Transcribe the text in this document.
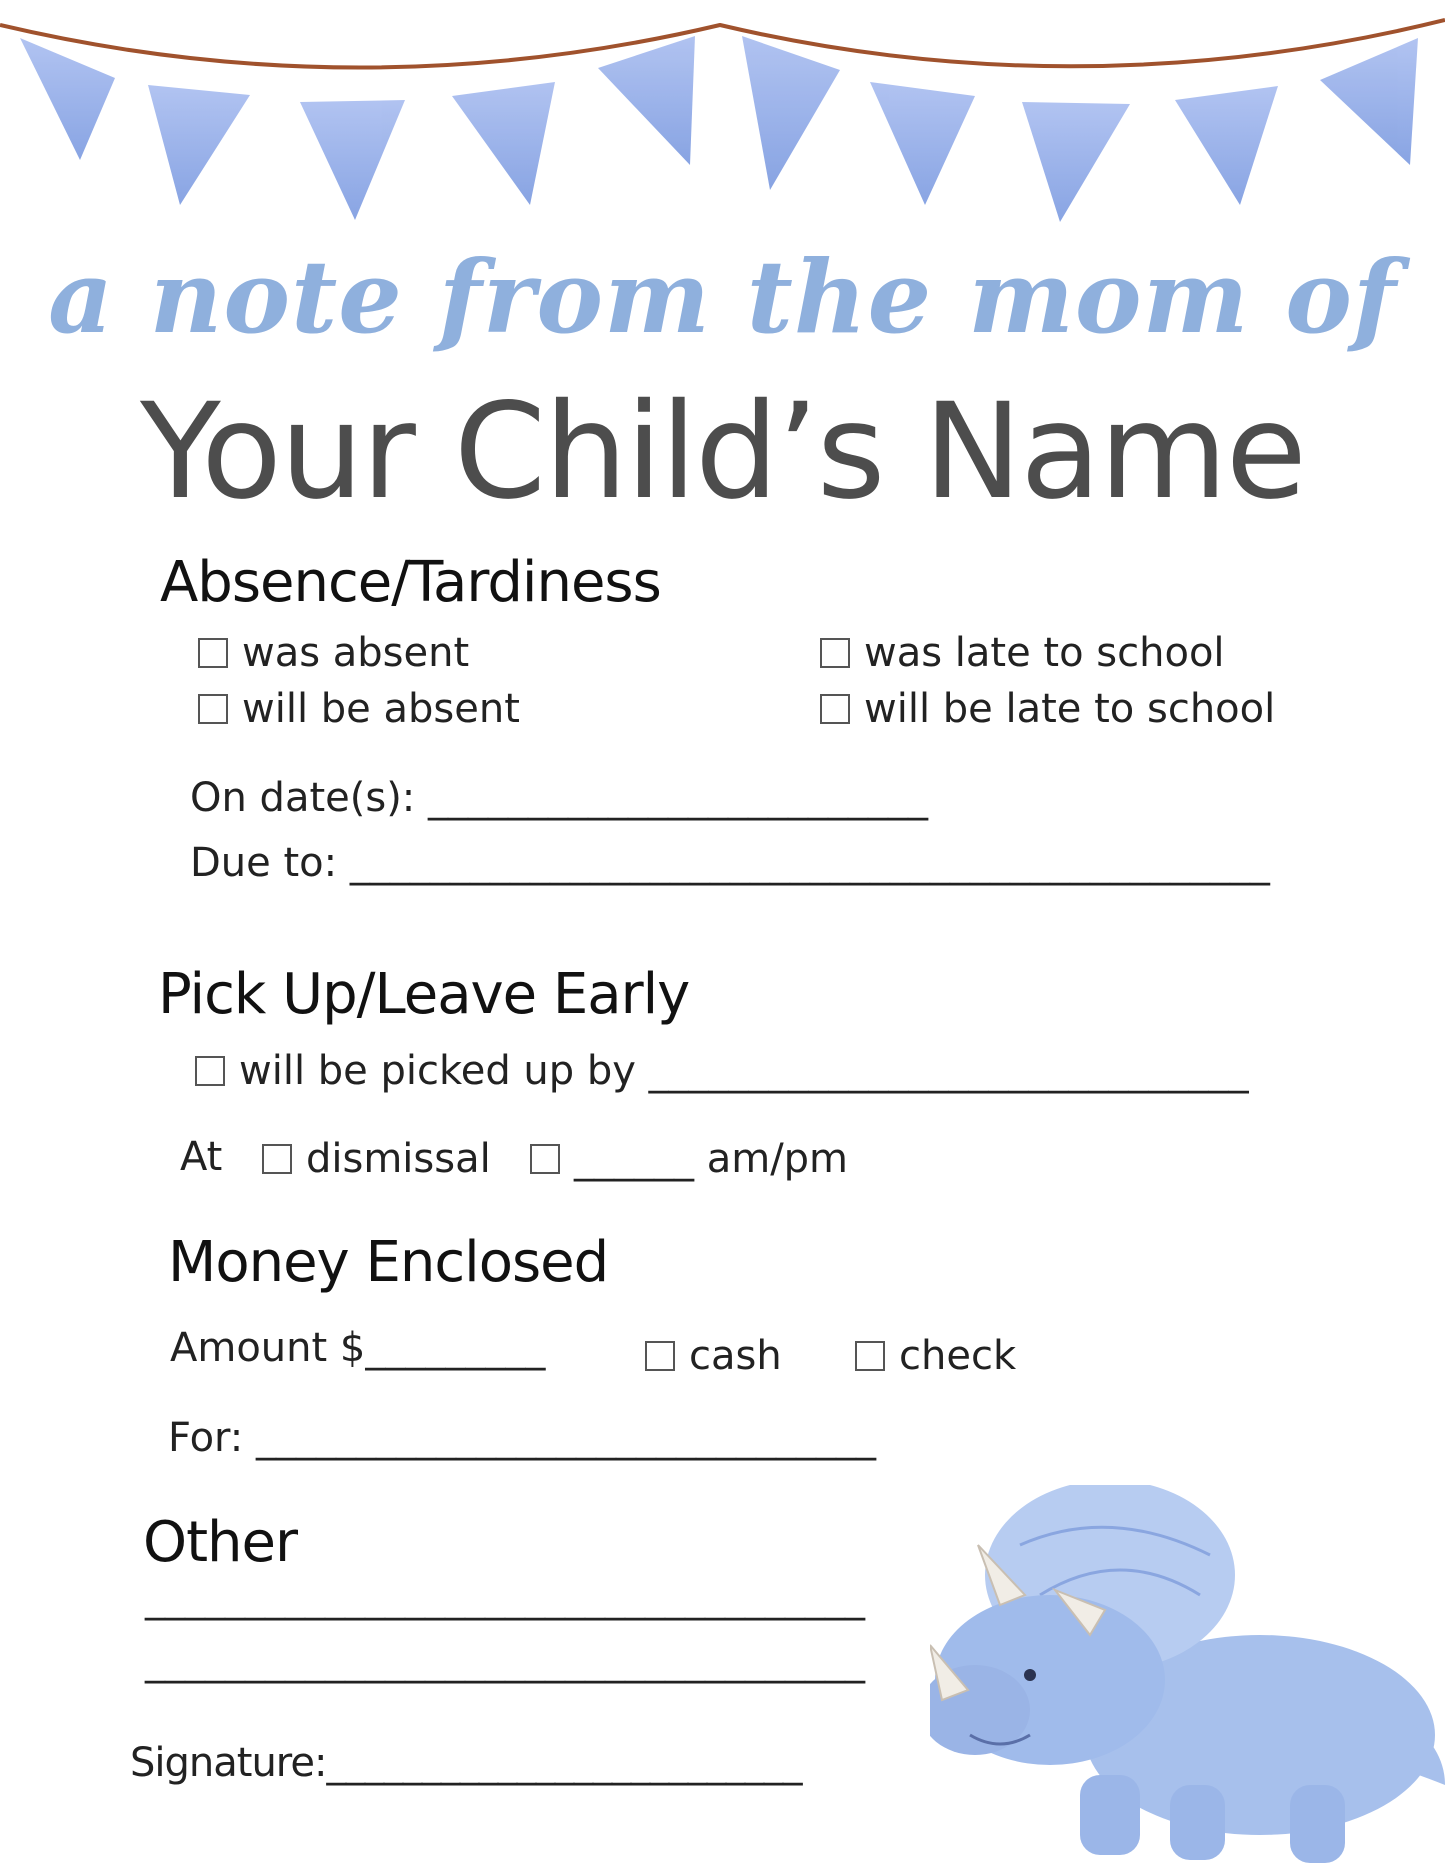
a note from the mom of
Your Child’s Name
Absence/Tardiness
was absent
will be absent
was late to school
will be late to school
On date(s): _________________________
Due to: ______________________________________________
Pick Up/Leave Early
will be picked up by ______________________________
At dismissal ______ am/pm
Money Enclosed
Amount $_________	cash	check
For: _______________________________
Other
____________________________________
____________________________________
Signature:_________________________
